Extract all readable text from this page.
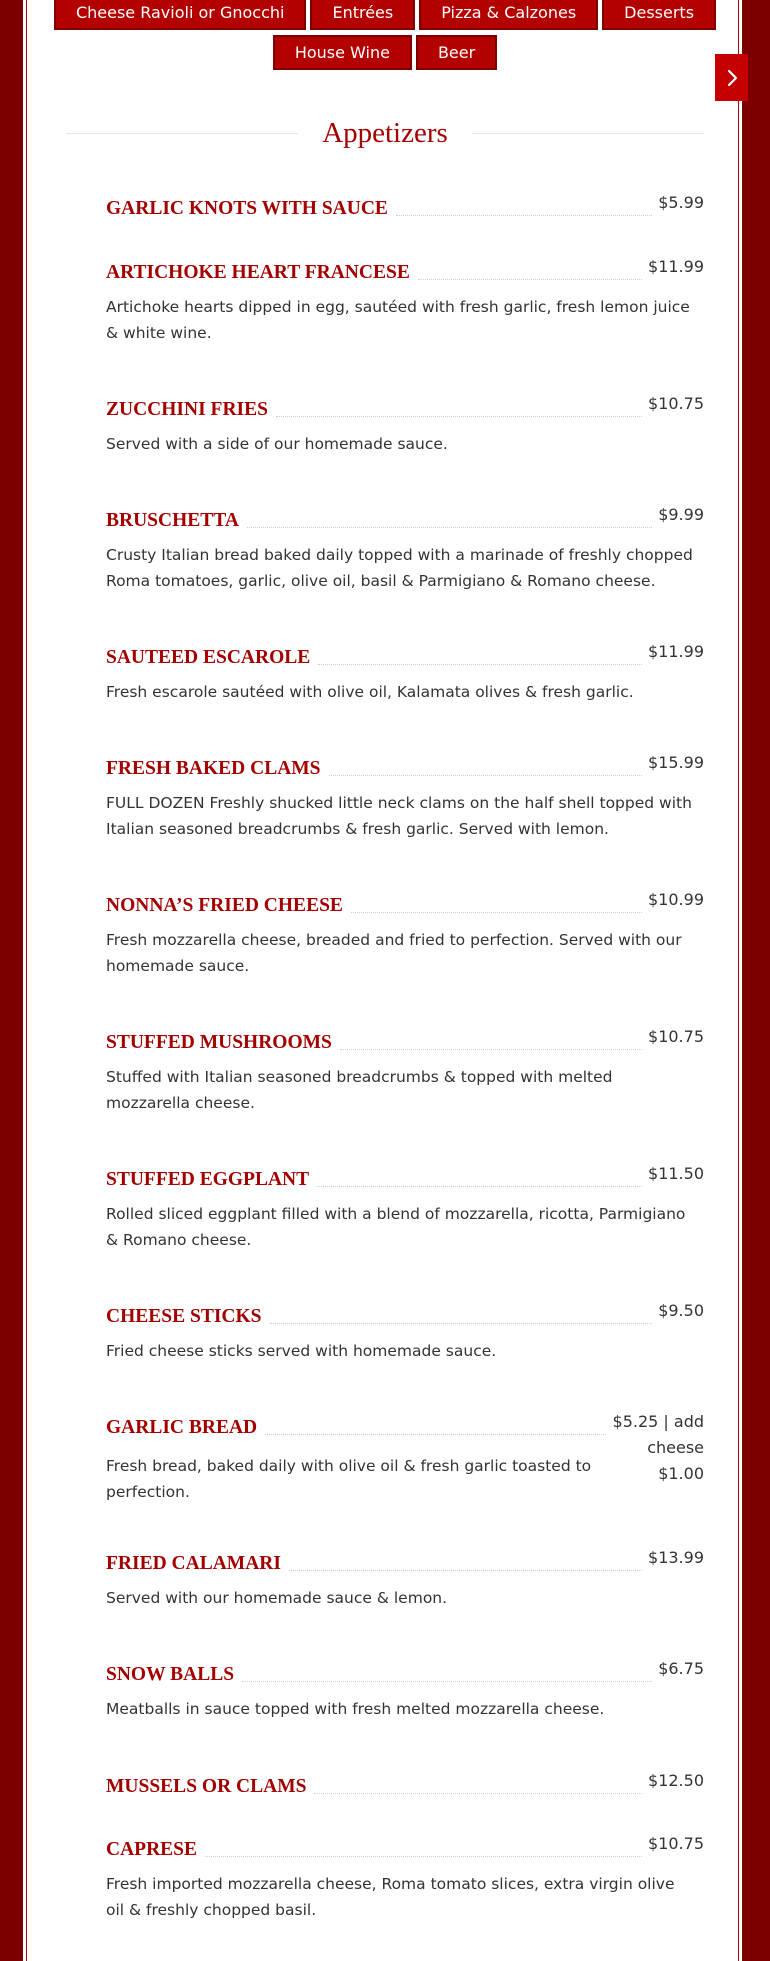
Cheese Ravioli or Gnocchi	Entrées	Pizza & Calzones	Desserts
House Wine	Beer
Appetizers
GARLIC KNOTS WITH SAUCE	$5.99
ARTICHOKE HEART FRANCESE	$11.99
Artichoke hearts dipped in egg, sautéed with fresh garlic, fresh lemon juice & white wine.
ZUCCHINI FRIES	$10.75
Served with a side of our homemade sauce.
BRUSCHETTA	$9.99
Crusty Italian bread baked daily topped with a marinade of freshly chopped Roma tomatoes, garlic, olive oil, basil & Parmigiano & Romano cheese.
SAUTEED ESCAROLE	$11.99
Fresh escarole sautéed with olive oil, Kalamata olives & fresh garlic.
FRESH BAKED CLAMS	$15.99
FULL DOZEN Freshly shucked little neck clams on the half shell topped with Italian seasoned breadcrumbs & fresh garlic. Served with lemon.
NONNA’S FRIED CHEESE	$10.99
Fresh mozzarella cheese, breaded and fried to perfection. Served with our homemade sauce.
STUFFED MUSHROOMS	$10.75
Stuffed with Italian seasoned breadcrumbs & topped with melted mozzarella cheese.
STUFFED EGGPLANT	$11.50
Rolled sliced eggplant filled with a blend of mozzarella, ricotta, Parmigiano & Romano cheese.
CHEESE STICKS	$9.50
Fried cheese sticks served with homemade sauce.
GARLIC BREAD	$5.25 | add cheese $1.00
Fresh bread, baked daily with olive oil & fresh garlic toasted to perfection.
FRIED CALAMARI	$13.99
Served with our homemade sauce & lemon.
SNOW BALLS	$6.75
Meatballs in sauce topped with fresh melted mozzarella cheese.
MUSSELS OR CLAMS	$12.50
CAPRESE	$10.75
Fresh imported mozzarella cheese, Roma tomato slices, extra virgin olive oil & freshly chopped basil.
